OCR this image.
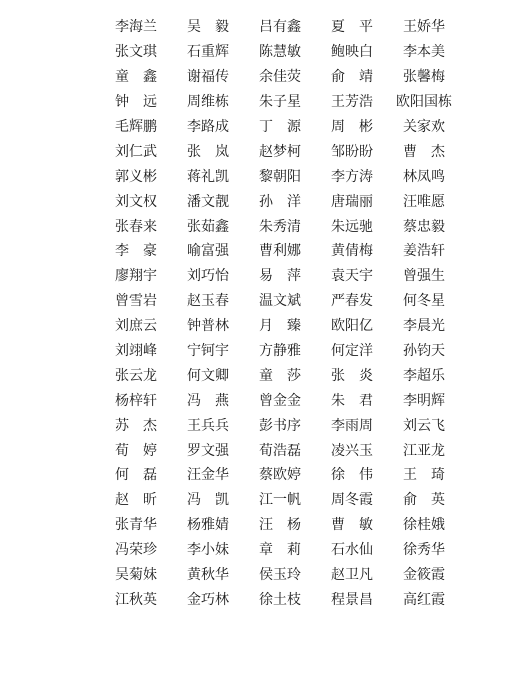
李海兰	吴　毅	吕有鑫	夏　平	王娇华
张文琪	石重辉	陈慧敏	鲍映白	李本美
童　鑫	谢福传	余佳荧	俞　靖	张馨梅
钟　远	周维栋	朱子星	王芳浩	欧阳国栋
毛辉鹏	李路成	丁　源	周　彬	关家欢
刘仁武	张　岚	赵梦柯	邹盼盼	曹　杰
郭义彬	蒋礼凯	黎朝阳	李方涛	林凤鸣
刘文权	潘文靓	孙　洋	唐瑞丽	汪唯愿
张春来	张茹鑫	朱秀清	朱远驰	蔡忠毅
李　豪	喻富强	曹利娜	黄倩梅	姜浩轩
廖翔宇	刘巧怡	易　萍	袁天宇	曾强生
曾雪岩	赵玉春	温文斌	严春发	何冬星
刘庶云	钟普林	月　臻	欧阳亿	李晨光
刘翊峰	宁钶宇	方静雅	何定洋	孙钧天
张云龙	何文卿	童　莎	张　炎	李超乐
杨梓轩	冯　燕	曾金金	朱　君	李明辉
苏　杰	王兵兵	彭书序	李雨周	刘云飞
荀　婷	罗文强	荀浩磊	凌兴玉	江亚龙
何　磊	汪金华	蔡欧婷	徐　伟	王　琦
赵　昕	冯　凯	江一帆	周冬霞	俞　英
张青华	杨雅婧	汪　杨	曹　敏	徐桂娥
冯荣珍	李小妹	章　莉	石水仙	徐秀华
吴菊妹	黄秋华	侯玉玲	赵卫凡	金筱霞
江秋英	金巧林	徐土枝	程景昌	高红霞
